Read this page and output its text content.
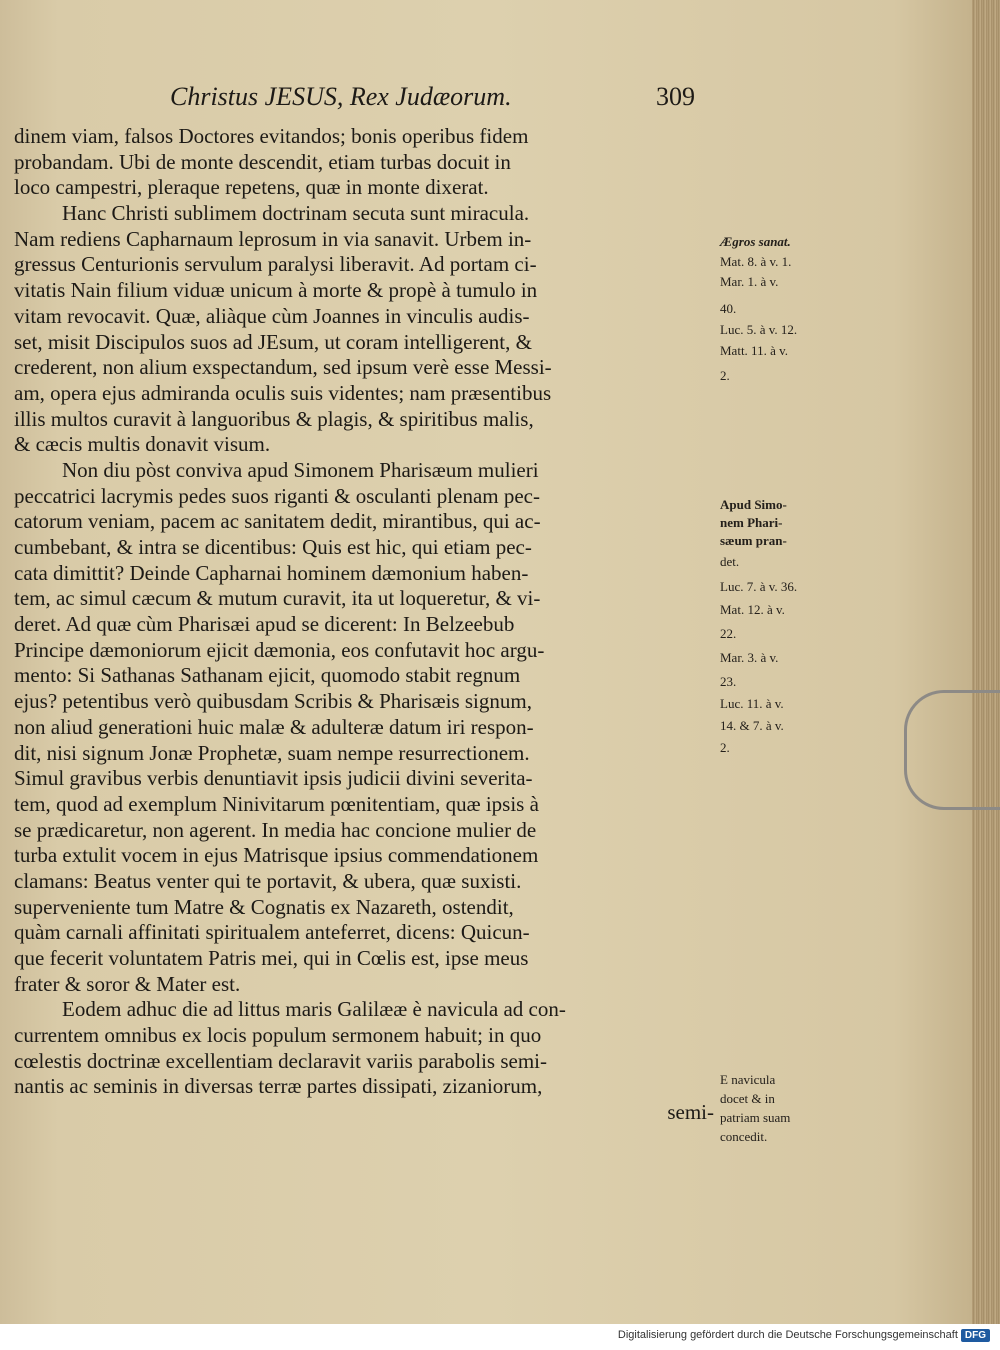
Christus JESUS, Rex Judæorum.	309
dinem viam, falsos Doctores evitandos; bonis operibus fidem
probandam. Ubi de monte descendit, etiam turbas docuit in
loco campestri, pleraque repetens, quæ in monte dixerat.
Hanc Christi sublimem doctrinam secuta sunt miracula.
Nam rediens Capharnaum leprosum in via sanavit. Urbem in-
gressus Centurionis servulum paralysi liberavit. Ad portam ci-
vitatis Nain filium viduæ unicum à morte & propè à tumulo in
vitam revocavit. Quæ, aliàque cùm Joannes in vinculis audis-
set, misit Discipulos suos ad JEsum, ut coram intelligerent, &
crederent, non alium exspectandum, sed ipsum verè esse Messi-
am, opera ejus admiranda oculis suis videntes; nam præsentibus
illis multos curavit à languoribus & plagis, & spiritibus malis,
& cæcis multis donavit visum.
Non diu pòst conviva apud Simonem Pharisæum mulieri
peccatrici lacrymis pedes suos riganti & osculanti plenam pec-
catorum veniam, pacem ac sanitatem dedit, mirantibus, qui ac-
cumbebant, & intra se dicentibus: Quis est hic, qui etiam pec-
cata dimittit? Deinde Capharnai hominem dæmonium haben-
tem, ac simul cæcum & mutum curavit, ita ut loqueretur, & vi-
deret. Ad quæ cùm Pharisæi apud se dicerent: In Belzeebub
Principe dæmoniorum ejicit dæmonia, eos confutavit hoc argu-
mento: Si Sathanas Sathanam ejicit, quomodo stabit regnum
ejus? petentibus verò quibusdam Scribis & Pharisæis signum,
non aliud generationi huic malæ & adulteræ datum iri respon-
dit, nisi signum Jonæ Prophetæ, suam nempe resurrectionem.
Simul gravibus verbis denuntiavit ipsis judicii divini severita-
tem, quod ad exemplum Ninivitarum pœnitentiam, quæ ipsis à
se prædicaretur, non agerent. In media hac concione mulier de
turba extulit vocem in ejus Matrisque ipsius commendationem
clamans: Beatus venter qui te portavit, & ubera, quæ suxisti.
superveniente tum Matre & Cognatis ex Nazareth, ostendit,
quàm carnali affinitati spiritualem anteferret, dicens: Quicun-
que fecerit voluntatem Patris mei, qui in Cœlis est, ipse meus
frater & soror & Mater est.
Eodem adhuc die ad littus maris Galilææ è navicula ad con-
currentem omnibus ex locis populum sermonem habuit; in quo
cœlestis doctrinæ excellentiam declaravit variis parabolis semi-
nantis ac seminis in diversas terræ partes dissipati, zizaniorum,
semi-
Ægros sanat.
Mat. 8. à v. 1.
Mar. 1. à v.
40.
Luc. 5. à v. 12.
Matt. 11. à v.
2.
Apud Simo-
nem Phari-
sæum pran-
det.
Luc. 7. à v. 36.
Mat. 12. à v.
22.
Mar. 3. à v.
23.
Luc. 11. à v.
14. & 7. à v.
2.
E navicula
docet & in
patriam suam
concedit.
Digitalisierung gefördert durch die Deutsche Forschungsgemeinschaft DFG
